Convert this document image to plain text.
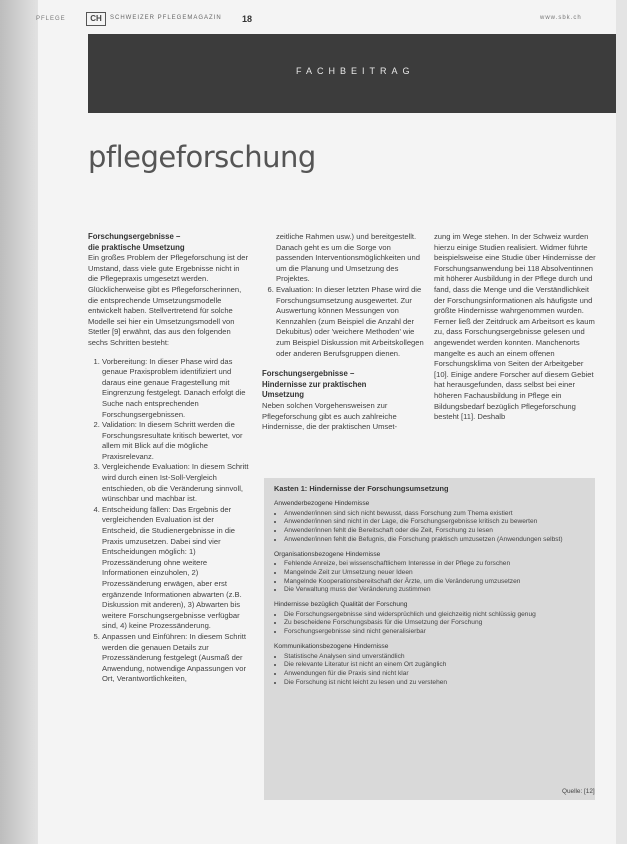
PFLEGE	CH	SCHWEIZER PFLEGEMAGAZIN 18	www.sbk.ch
FACHBEITRAG
pflegeforschung
Forschungsergebnisse –
die praktische Umsetzung

Ein großes Problem der Pflegeforschung ist der Umstand, dass viele gute Ergebnisse nicht in die Pflegepraxis umgesetzt werden. Glücklicherweise gibt es Pflegeforscherinnen, die entsprechende Umsetzungsmodelle entwickelt haben. Stellvertretend für solche Modelle sei hier ein Umsetzungsmodell von Stetler [9] erwähnt, das aus den folgenden sechs Schritten besteht:

1. Vorbereitung: In dieser Phase wird das genaue Praxisproblem identifiziert und daraus eine genaue Fragestellung mit Eingrenzung festgelegt. Danach erfolgt die Suche nach entsprechenden Forschungsergebnissen.
2. Validation: In diesem Schritt werden die Forschungsresultate kritisch bewertet, vor allem mit Blick auf die mögliche Praxisrelevanz.
3. Vergleichende Evaluation: In diesem Schritt wird durch einen Ist-Soll-Vergleich entschieden, ob die Veränderung sinnvoll, wünschbar und machbar ist.
4. Entscheidung fällen: Das Ergebnis der vergleichenden Evaluation ist der Entscheid, die Studienergebnisse in die Praxis umzusetzen. Dabei sind vier Entscheidungen möglich: 1) Prozessänderung ohne weitere Informationen einzuholen, 2) Prozessänderung erwägen, aber erst ergänzende Informationen abwarten (z.B. Diskussion mit anderen), 3) Abwarten bis weitere Forschungsergebnisse verfügbar sind, 4) keine Prozessänderung.
5. Anpassen und Einführen: In diesem Schritt werden die genauen Details zur Prozessänderung festgelegt (Ausmaß der Anwendung, notwendige Anpassungen vor Ort, Verantwortlichkeiten,

zeitliche Rahmen usw.) und bereitgestellt. Danach geht es um die Sorge von passenden Interventionsmöglichkeiten und um die Planung und Umsetzung des Projektes.

6. Evaluation: In dieser letzten Phase wird die Forschungsumsetzung ausgewertet. Zur Auswertung können Messungen von Kennzahlen (zum Beispiel die Anzahl der Dekubitus) oder 'weichere Methoden' wie zum Beispiel Diskussion mit Arbeitskollegen oder anderen Berufsgruppen dienen.
Forschungsergebnisse –
Hindernisse zur praktischen
Umsetzung

Neben solchen Vorgehensweisen zur Pflegeforschung gibt es auch zahlreiche Hindernisse, die der praktischen Umset-

zung im Wege stehen. In der Schweiz wurden hierzu einige Studien realisiert. Widmer führte beispielsweise eine Studie über Hindernisse der Forschungsanwendung bei 118 Absolventinnen mit höherer Ausbildung in der Pflege durch und fand, dass die Menge und die Verständlichkeit der Forschungsinformationen als häufigste und größte Hindernisse wahrgenommen wurden. Ferner ließ der Zeitdruck am Arbeitsort es kaum zu, dass Forschungsergebnisse gelesen und angewendet werden konnten. Manchenorts mangelte es auch an einem offenen Forschungsklima von Seiten der Arbeitgeber [10]. Einige andere Forscher auf diesem Gebiet hat herausgefunden, dass selbst bei einer höheren Fachausbildung in Pflege ein Bildungsbedarf bezüglich Pflegeforschung besteht [11]. Deshalb

Kasten 1: Hindernisse der Forschungsumsetzung
Anwenderbezogene Hindernisse
• Anwender/innen sind sich nicht bewusst, dass Forschung zum Thema existiert
• Anwender/innen sind nicht in der Lage, die Forschungsergebnisse kritisch zu bewerten
• Anwender/innen fehlt die Bereitschaft oder die Zeit, Forschung zu lesen
• Anwender/innen fehlt die Befugnis, die Forschung praktisch umzusetzen (Anwendungen selbst)
Organisationsbezogene Hindernisse
• Fehlende Anreize, bei wissenschaftlichem Interesse in der Pflege zu forschen
• Mangelnde Zeit zur Umsetzung neuer Ideen
• Mangelnde Kooperationsbereitschaft der Ärzte, um die Veränderung umzusetzen
• Die Verwaltung muss der Veränderung zustimmen
Hindernisse bezüglich Qualität der Forschung
• Die Forschungsergebnisse sind widersprüchlich und gleichzeitig nicht schlüssig genug
• Zu bescheidene Forschungsbasis für die Umsetzung der Forschung
• Forschungsergebnisse sind nicht generalisierbar
Kommunikationsbezogene Hindernisse
• Statistische Analysen sind unverständlich
• Die relevante Literatur ist nicht an einem Ort zugänglich
• Anwendungen für die Praxis sind nicht klar
• Die Forschung ist nicht leicht zu lesen und zu verstehen
Quelle: [12]
